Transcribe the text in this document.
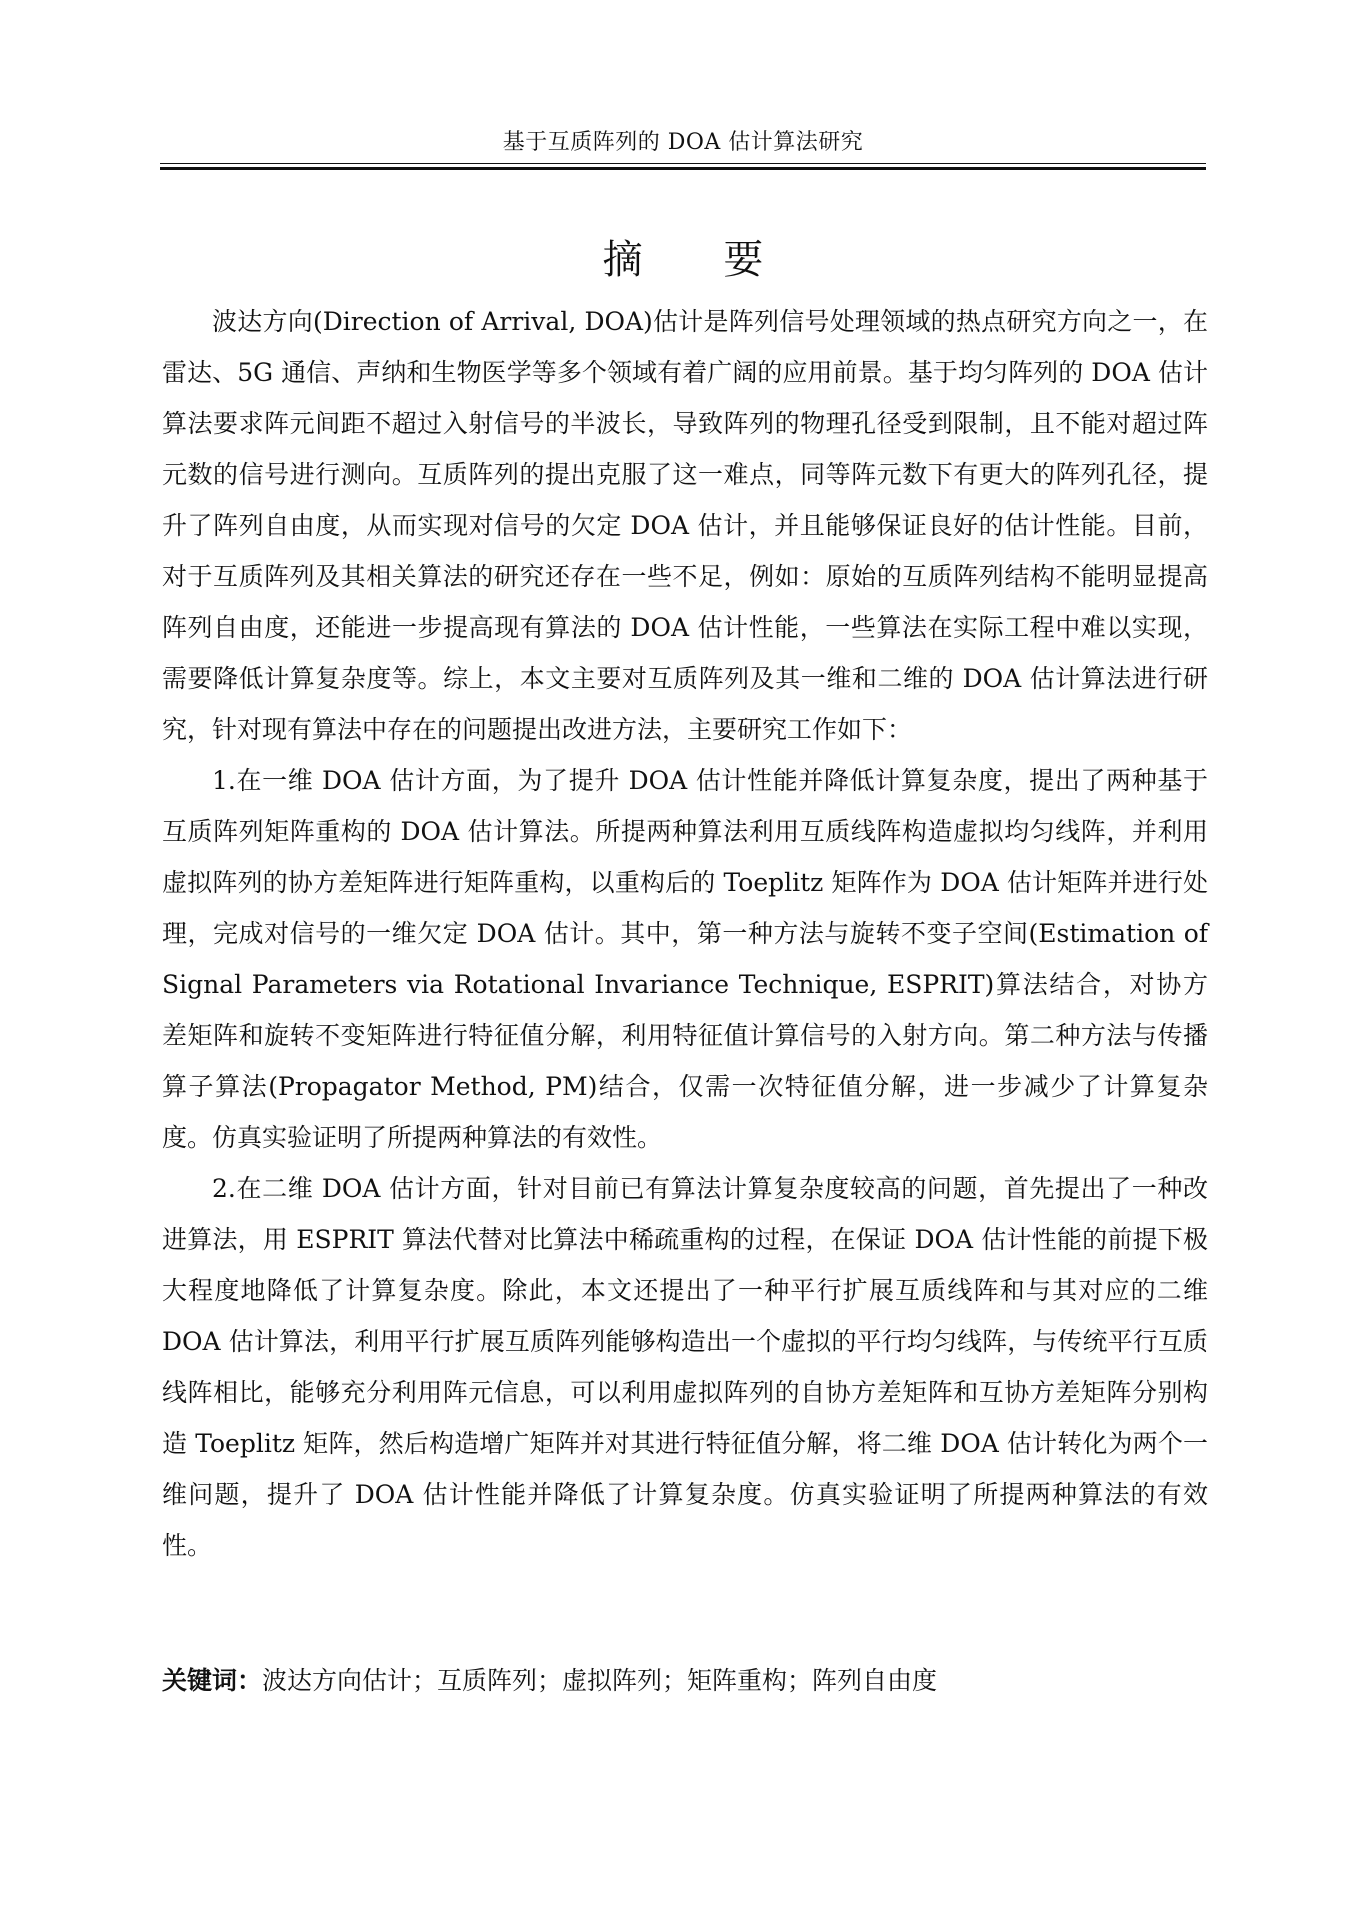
基于互质阵列的 DOA 估计算法研究
摘 要

波达方向(Direction of Arrival, DOA)估计是阵列信号处理领域的热点研究方向之一，在雷达、5G 通信、声纳和生物医学等多个领域有着广阔的应用前景。基于均匀阵列的 DOA 估计算法要求阵元间距不超过入射信号的半波长，导致阵列的物理孔径受到限制，且不能对超过阵元数的信号进行测向。互质阵列的提出克服了这一难点，同等阵元数下有更大的阵列孔径，提升了阵列自由度，从而实现对信号的欠定 DOA 估计，并且能够保证良好的估计性能。目前，对于互质阵列及其相关算法的研究还存在一些不足，例如：原始的互质阵列结构不能明显提高阵列自由度，还能进一步提高现有算法的 DOA 估计性能，一些算法在实际工程中难以实现，需要降低计算复杂度等。综上，本文主要对互质阵列及其一维和二维的 DOA 估计算法进行研究，针对现有算法中存在的问题提出改进方法，主要研究工作如下：

1.在一维 DOA 估计方面，为了提升 DOA 估计性能并降低计算复杂度，提出了两种基于互质阵列矩阵重构的 DOA 估计算法。所提两种算法利用互质线阵构造虚拟均匀线阵，并利用虚拟阵列的协方差矩阵进行矩阵重构，以重构后的 Toeplitz 矩阵作为 DOA 估计矩阵并进行处理，完成对信号的一维欠定 DOA 估计。其中，第一种方法与旋转不变子空间(Estimation of Signal Parameters via Rotational Invariance Technique, ESPRIT)算法结合，对协方差矩阵和旋转不变矩阵进行特征值分解，利用特征值计算信号的入射方向。第二种方法与传播算子算法(Propagator Method, PM)结合，仅需一次特征值分解，进一步减少了计算复杂度。仿真实验证明了所提两种算法的有效性。

2.在二维 DOA 估计方面，针对目前已有算法计算复杂度较高的问题，首先提出了一种改进算法，用 ESPRIT 算法代替对比算法中稀疏重构的过程，在保证 DOA 估计性能的前提下极大程度地降低了计算复杂度。除此，本文还提出了一种平行扩展互质线阵和与其对应的二维 DOA 估计算法，利用平行扩展互质阵列能够构造出一个虚拟的平行均匀线阵，与传统平行互质线阵相比，能够充分利用阵元信息，可以利用虚拟阵列的自协方差矩阵和互协方差矩阵分别构造 Toeplitz 矩阵，然后构造增广矩阵并对其进行特征值分解，将二维 DOA 估计转化为两个一维问题，提升了 DOA 估计性能并降低了计算复杂度。仿真实验证明了所提两种算法的有效性。

关键词：波达方向估计；互质阵列；虚拟阵列；矩阵重构；阵列自由度
